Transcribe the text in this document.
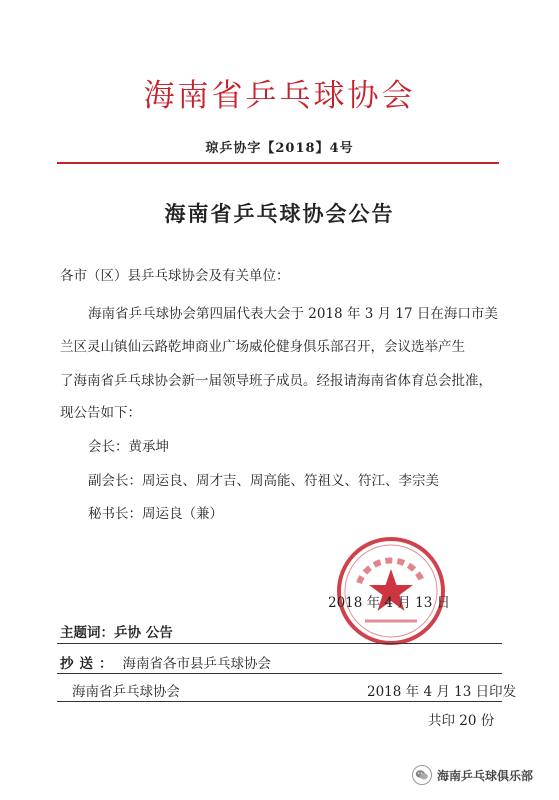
海南省乒乓球协会
琼乒协字【2018】4号
海南省乒乓球协会公告
各市（区）县乒乓球协会及有关单位：
海南省乒乓球协会第四届代表大会于 2018 年 3 月 17 日在海口市美
兰区灵山镇仙云路乾坤商业广场威伦健身俱乐部召开，会议选举产生
了海南省乒乓球协会新一届领导班子成员。经报请海南省体育总会批准，
现公告如下：
会长：黄承坤
副会长：周运良、周才吉、周高能、符祖义、符江、李宗美
秘书长：周运良（兼）
2018 年 4 月 13 日
主题词：乒协 公告
抄送： 海南省各市县乒乓球协会
海南省乒乓球协会	2018 年 4 月 13 日印发
共印 20 份
海南乒乓球俱乐部
